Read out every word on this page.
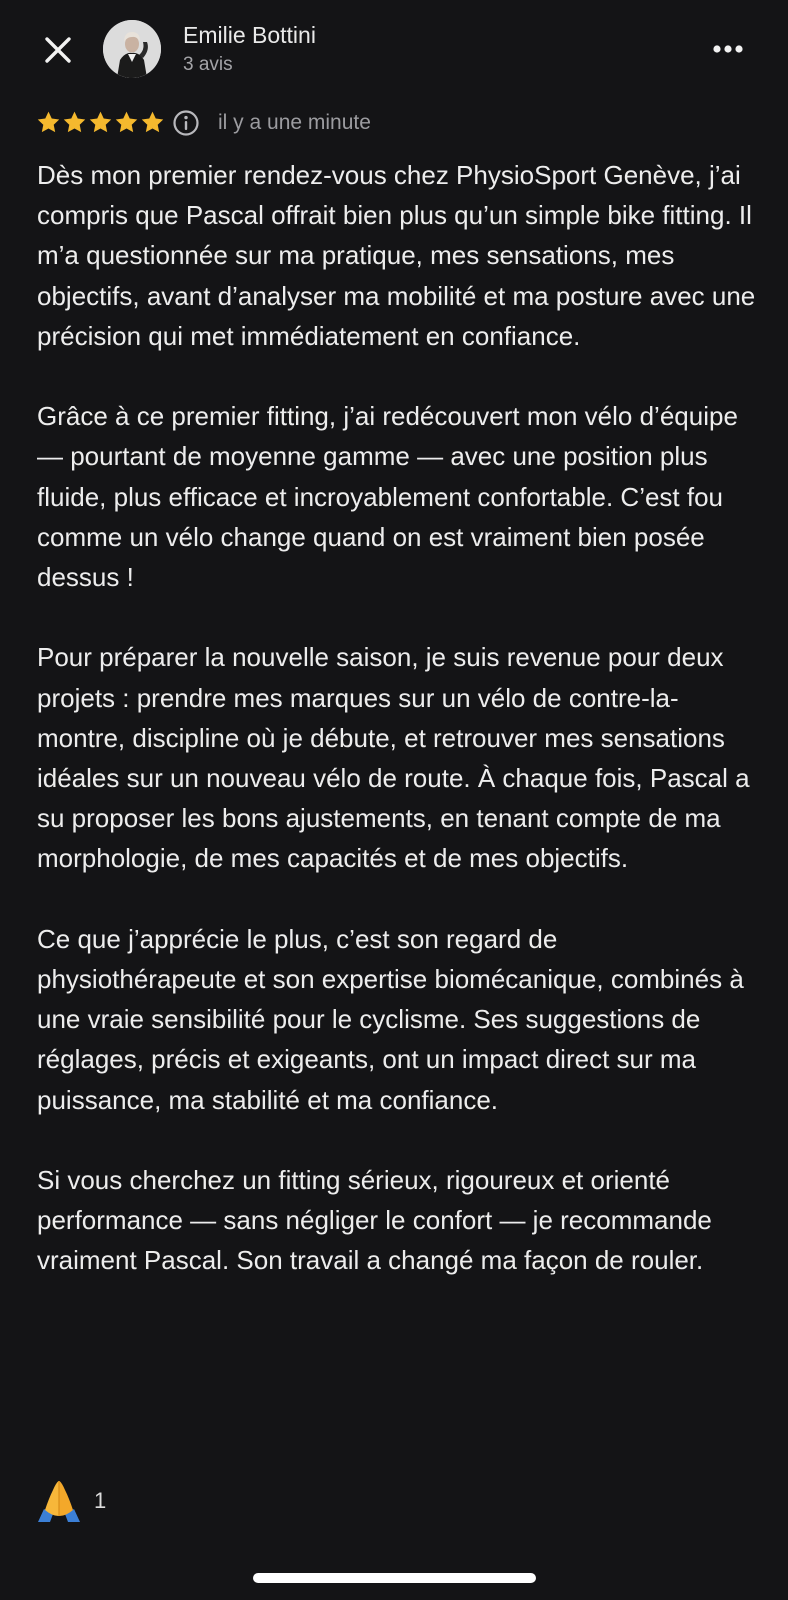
Emilie Bottini
3 avis
il y a une minute

Dès mon premier rendez-vous chez PhysioSport Genève, j’ai compris que Pascal offrait bien plus qu’un simple bike fitting. Il m’a questionnée sur ma pratique, mes sensations, mes objectifs, avant d’analyser ma mobilité et ma posture avec une précision qui met immédiatement en confiance.

Grâce à ce premier fitting, j’ai redécouvert mon vélo d’équipe — pourtant de moyenne gamme — avec une position plus fluide, plus efficace et incroyablement confortable. C’est fou comme un vélo change quand on est vraiment bien posée dessus !

Pour préparer la nouvelle saison, je suis revenue pour deux projets : prendre mes marques sur un vélo de contre-la-montre, discipline où je débute, et retrouver mes sensations idéales sur un nouveau vélo de route. À chaque fois, Pascal a su proposer les bons ajustements, en tenant compte de ma morphologie, de mes capacités et de mes objectifs.

Ce que j’apprécie le plus, c’est son regard de physiothérapeute et son expertise biomécanique, combinés à une vraie sensibilité pour le cyclisme. Ses suggestions de réglages, précis et exigeants, ont un impact direct sur ma puissance, ma stabilité et ma confiance.

Si vous cherchez un fitting sérieux, rigoureux et orienté performance — sans négliger le confort — je recommande vraiment Pascal. Son travail a changé ma façon de rouler.

1
